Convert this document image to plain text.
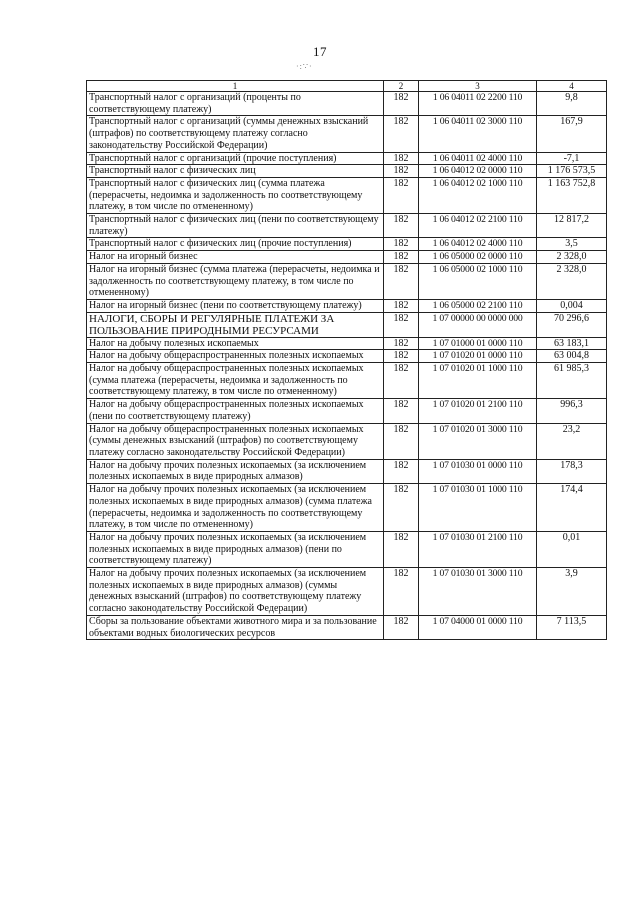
17
·:∵·
1	2	3	4
Транспортный налог с организаций (проценты по соответствующему платежу)	182	1 06 04011 02 2200 110	9,8
Транспортный налог с организаций (суммы денежных взысканий (штрафов) по соответствующему платежу согласно законодательству Российской Федерации)	182	1 06 04011 02 3000 110	167,9
Транспортный налог с организаций (прочие поступления)	182	1 06 04011 02 4000 110	-7,1
Транспортный налог с физических лиц	182	1 06 04012 02 0000 110	1 176 573,5
Транспортный налог с физических лиц (сумма платежа (перерасчеты, недоимка и задолженность по соответствующему платежу, в том числе по отмененному)	182	1 06 04012 02 1000 110	1 163 752,8
Транспортный налог с физических лиц (пени по соответствующему платежу)	182	1 06 04012 02 2100 110	12 817,2
Транспортный налог с физических лиц (прочие поступления)	182	1 06 04012 02 4000 110	3,5
Налог на игорный бизнес	182	1 06 05000 02 0000 110	2 328,0
Налог на игорный бизнес (сумма платежа (перерасчеты, недоимка и задолженность по соответствующему платежу, в том числе по отмененному)	182	1 06 05000 02 1000 110	2 328,0
Налог на игорный бизнес (пени по соответствующему платежу)	182	1 06 05000 02 2100 110	0,004
НАЛОГИ, СБОРЫ И РЕГУЛЯРНЫЕ ПЛАТЕЖИ ЗА ПОЛЬЗОВАНИЕ ПРИРОДНЫМИ РЕСУРСАМИ	182	1 07 00000 00 0000 000	70 296,6
Налог на добычу полезных ископаемых	182	1 07 01000 01 0000 110	63 183,1
Налог на добычу общераспространенных полезных ископаемых	182	1 07 01020 01 0000 110	63 004,8
Налог на добычу общераспространенных полезных ископаемых (сумма платежа (перерасчеты, недоимка и задолженность по соответствующему платежу, в том числе по отмененному)	182	1 07 01020 01 1000 110	61 985,3
Налог на добычу общераспространенных полезных ископаемых (пени по соответствующему платежу)	182	1 07 01020 01 2100 110	996,3
Налог на добычу общераспространенных полезных ископаемых (суммы денежных взысканий (штрафов) по соответствующему платежу согласно законодательству Российской Федерации)	182	1 07 01020 01 3000 110	23,2
Налог на добычу прочих полезных ископаемых (за исключением полезных ископаемых в виде природных алмазов)	182	1 07 01030 01 0000 110	178,3
Налог на добычу прочих полезных ископаемых (за исключением полезных ископаемых в виде природных алмазов) (сумма платежа (перерасчеты, недоимка и задолженность по соответствующему платежу, в том числе по отмененному)	182	1 07 01030 01 1000 110	174,4
Налог на добычу прочих полезных ископаемых (за исключением полезных ископаемых в виде природных алмазов) (пени по соответствующему платежу)	182	1 07 01030 01 2100 110	0,01
Налог на добычу прочих полезных ископаемых (за исключением полезных ископаемых в виде природных алмазов) (суммы денежных взысканий (штрафов) по соответствующему платежу согласно законодательству Российской Федерации)	182	1 07 01030 01 3000 110	3,9
Сборы за пользование объектами животного мира и за пользование объектами водных биологических ресурсов	182	1 07 04000 01 0000 110	7 113,5
